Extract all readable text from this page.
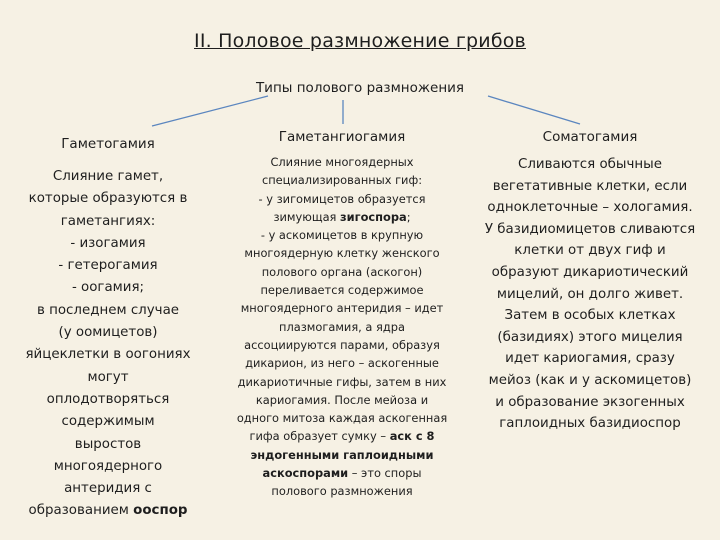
II. Половое размножение грибов
Типы полового размножения
Гаметогамия	Гаметангиогамия	Соматогамия
Слияние гамет,
которые образуются в
гаметангиях:
- изогамия
- гетерогамия
- оогамия;
в последнем случае
(у оомицетов)
яйцеклетки в оогониях
могут
оплодотворяться
содержимым
выростов
многоядерного
антеридия с
образованием ооспор
Слияние многоядерных
специализированных гиф:
- у зигомицетов образуется
зимующая зигоспора;
- у аскомицетов в крупную
многоядерную клетку женского
полового органа (аскогон)
переливается содержимое
многоядерного антеридия – идет
плазмогамия, а ядра
ассоциируются парами, образуя
дикарион, из него – аскогенные
дикариотичные гифы, затем в них
кариогамия. После мейоза и
одного митоза каждая аскогенная
гифа образует сумку – аск с 8
эндогенными гаплоидными
аскоспорами – это споры
полового размножения
Сливаются обычные
вегетативные клетки, если
одноклеточные – хологамия.
У базидиомицетов сливаются
клетки от двух гиф и
образуют дикариотический
мицелий, он долго живет.
Затем в особых клетках
(базидиях) этого мицелия
идет кариогамия, сразу
мейоз (как и у аскомицетов)
и образование экзогенных
гаплоидных базидиоспор
